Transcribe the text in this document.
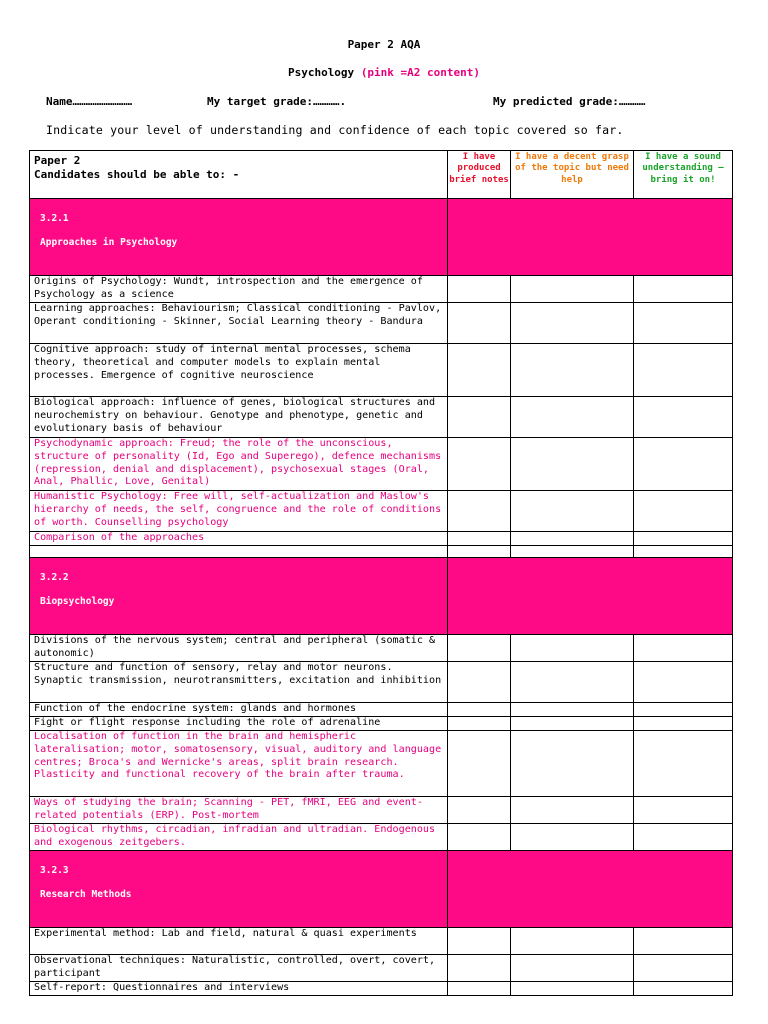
Paper 2 AQA
Psychology (pink =A2 content)
Name………………………	My target grade:………….	My predicted grade:…………
Indicate your level of understanding and confidence of each topic covered so far.
Paper 2
Candidates should be able to: -	I have produced brief notes	I have a decent grasp of the topic but need help	I have a sound understanding –bring it on!

3.2.1
Approaches in Psychology			

Origins of Psychology: Wundt, introspection and the emergence of Psychology as a science			
Learning approaches: Behaviourism; Classical conditioning - Pavlov, Operant conditioning - Skinner, Social Learning theory - Bandura			
Cognitive approach: study of internal mental processes, schema theory, theoretical and computer models to explain mental processes. Emergence of cognitive neuroscience			
Biological approach: influence of genes, biological structures and neurochemistry on behaviour. Genotype and phenotype, genetic and evolutionary basis of behaviour			
Psychodynamic approach: Freud; the role of the unconscious, structure of personality (Id, Ego and Superego), defence mechanisms (repression, denial and displacement), psychosexual stages (Oral, Anal, Phallic, Love, Genital)			
Humanistic Psychology: Free will, self-actualization and Maslow's hierarchy of needs, the self, congruence and the role of conditions of worth. Counselling psychology			
Comparison of the approaches			

3.2.2
Biopsychology			

Divisions of the nervous system; central and peripheral (somatic & autonomic)			
Structure and function of sensory, relay and motor neurons. Synaptic transmission, neurotransmitters, excitation and inhibition			
Function of the endocrine system: glands and hormones			
Fight or flight response including the role of adrenaline			
Localisation of function in the brain and hemispheric lateralisation; motor, somatosensory, visual, auditory and language centres; Broca's and Wernicke's areas, split brain research. Plasticity and functional recovery of the brain after trauma.			
Ways of studying the brain; Scanning - PET, fMRI, EEG and event-related potentials (ERP). Post-mortem			
Biological rhythms, circadian, infradian and ultradian. Endogenous and exogenous zeitgebers.			

3.2.3
Research Methods			

Experimental method: Lab and field, natural & quasi experiments			
Observational techniques: Naturalistic, controlled, overt, covert, participant			
Self-report: Questionnaires and interviews			
